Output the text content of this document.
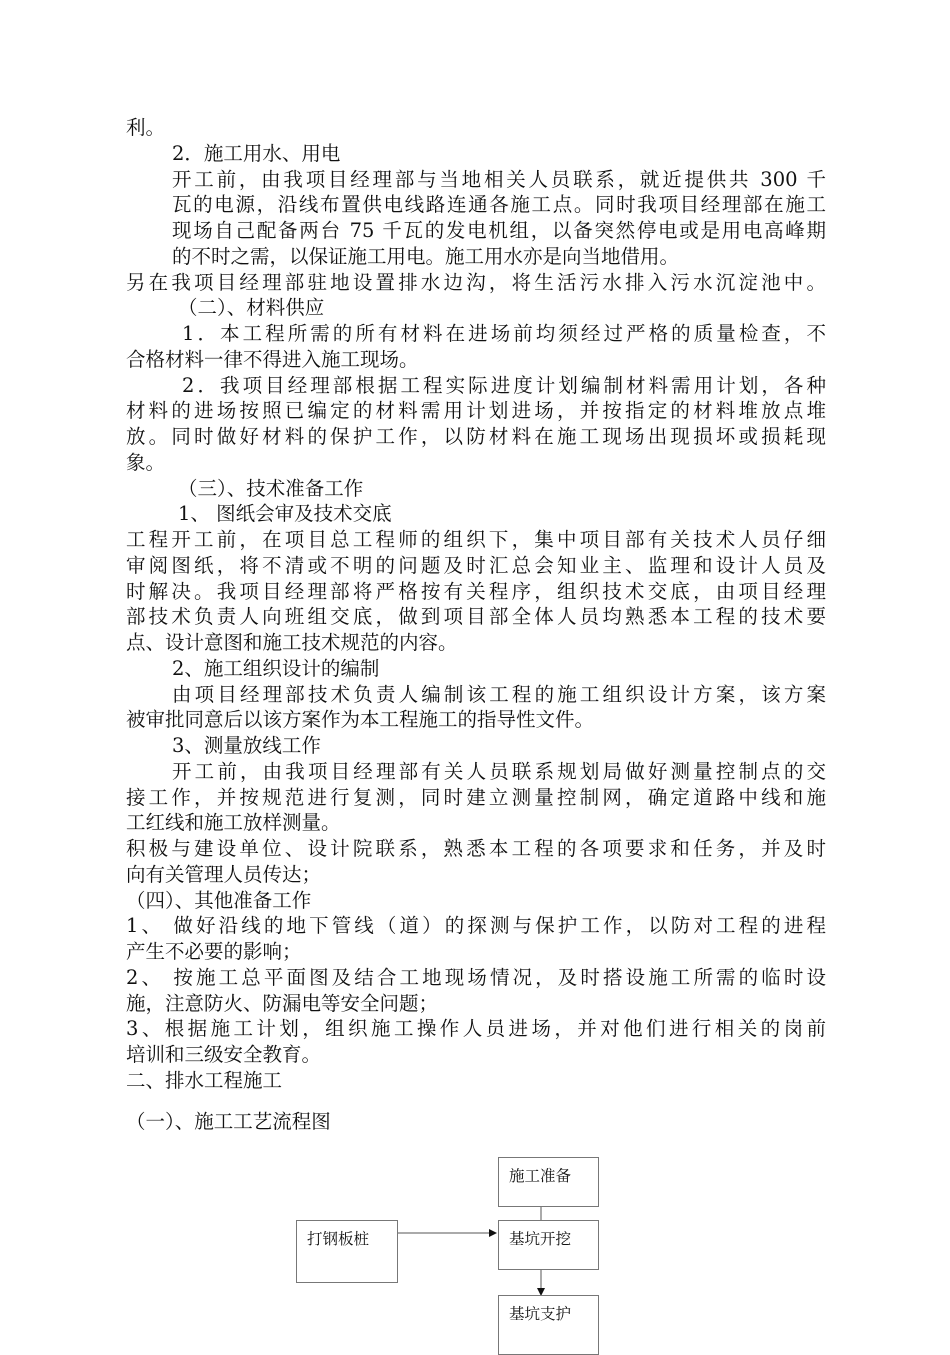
利。
2．施工用水、用电
开工前，由我项目经理部与当地相关人员联系，就近提供共 300 千
瓦的电源，沿线布置供电线路连通各施工点。同时我项目经理部在施工
现场自己配备两台 75 千瓦的发电机组，以备突然停电或是用电高峰期
的不时之需，以保证施工用电。施工用水亦是向当地借用。
另在我项目经理部驻地设置排水边沟，将生活污水排入污水沉淀池中。
（二）、材料供应
1．本工程所需的所有材料在进场前均须经过严格的质量检查，不
合格材料一律不得进入施工现场。
2．我项目经理部根据工程实际进度计划编制材料需用计划，各种
材料的进场按照已编定的材料需用计划进场，并按指定的材料堆放点堆
放。同时做好材料的保护工作，以防材料在施工现场出现损坏或损耗现
象。
（三）、技术准备工作
1、 图纸会审及技术交底
工程开工前，在项目总工程师的组织下，集中项目部有关技术人员仔细
审阅图纸，将不清或不明的问题及时汇总会知业主、监理和设计人员及
时解决。我项目经理部将严格按有关程序，组织技术交底，由项目经理
部技术负责人向班组交底，做到项目部全体人员均熟悉本工程的技术要
点、设计意图和施工技术规范的内容。
2、施工组织设计的编制
由项目经理部技术负责人编制该工程的施工组织设计方案，该方案
被审批同意后以该方案作为本工程施工的指导性文件。
3、测量放线工作
开工前，由我项目经理部有关人员联系规划局做好测量控制点的交
接工作，并按规范进行复测，同时建立测量控制网，确定道路中线和施
工红线和施工放样测量。
积极与建设单位、设计院联系，熟悉本工程的各项要求和任务，并及时
向有关管理人员传达；
（四）、其他准备工作
1、 做好沿线的地下管线（道）的探测与保护工作，以防对工程的进程
产生不必要的影响；
2、 按施工总平面图及结合工地现场情况，及时搭设施工所需的临时设
施，注意防火、防漏电等安全问题；
3、根据施工计划，组织施工操作人员进场，并对他们进行相关的岗前
培训和三级安全教育。
二、排水工程施工
（一）、施工工艺流程图
施工准备
打钢板桩	基坑开挖
基坑支护
